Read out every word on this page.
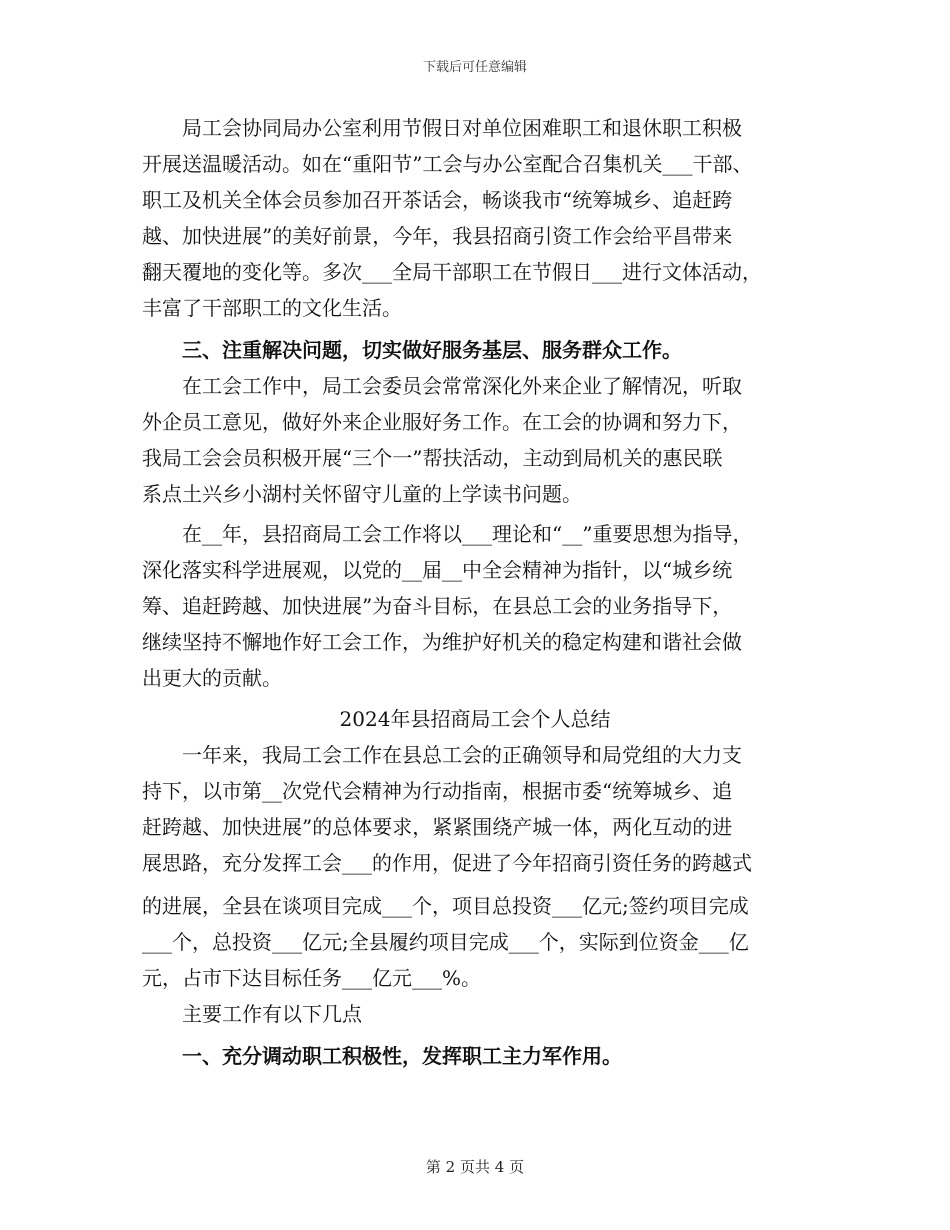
下载后可任意编辑
　　局工会协同局办公室利用节假日对单位困难职工和退休职工积极
开展送温暖活动。如在“重阳节”工会与办公室配合召集机关___干部、
职工及机关全体会员参加召开茶话会，畅谈我市“统筹城乡、追赶跨
越、加快进展”的美好前景，今年，我县招商引资工作会给平昌带来
翻天覆地的变化等。多次___全局干部职工在节假日___进行文体活动，
丰富了干部职工的文化生活。
　　三、注重解决问题，切实做好服务基层、服务群众工作。
　　在工会工作中，局工会委员会常常深化外来企业了解情况，听取
外企员工意见，做好外来企业服好务工作。在工会的协调和努力下，
我局工会会员积极开展“三个一”帮扶活动，主动到局机关的惠民联
系点土兴乡小湖村关怀留守儿童的上学读书问题。
　　在__年，县招商局工会工作将以___理论和“__”重要思想为指导，
深化落实科学进展观，以党的__届__中全会精神为指针，以“城乡统
筹、追赶跨越、加快进展”为奋斗目标，在县总工会的业务指导下，
继续坚持不懈地作好工会工作，为维护好机关的稳定构建和谐社会做
出更大的贡献。
2024年县招商局工会个人总结
　　一年来，我局工会工作在县总工会的正确领导和局党组的大力支
持下，以市第__次党代会精神为行动指南，根据市委“统筹城乡、追
赶跨越、加快进展”的总体要求，紧紧围绕产城一体，两化互动的进
展思路，充分发挥工会___的作用，促进了今年招商引资任务的跨越式
的进展，全县在谈项目完成___个，项目总投资___亿元;签约项目完成
___个，总投资___亿元;全县履约项目完成___个，实际到位资金___亿
元，占市下达目标任务___亿元___%。
　　主要工作有以下几点
　　一、充分调动职工积极性，发挥职工主力军作用。
第 2 页共 4 页
